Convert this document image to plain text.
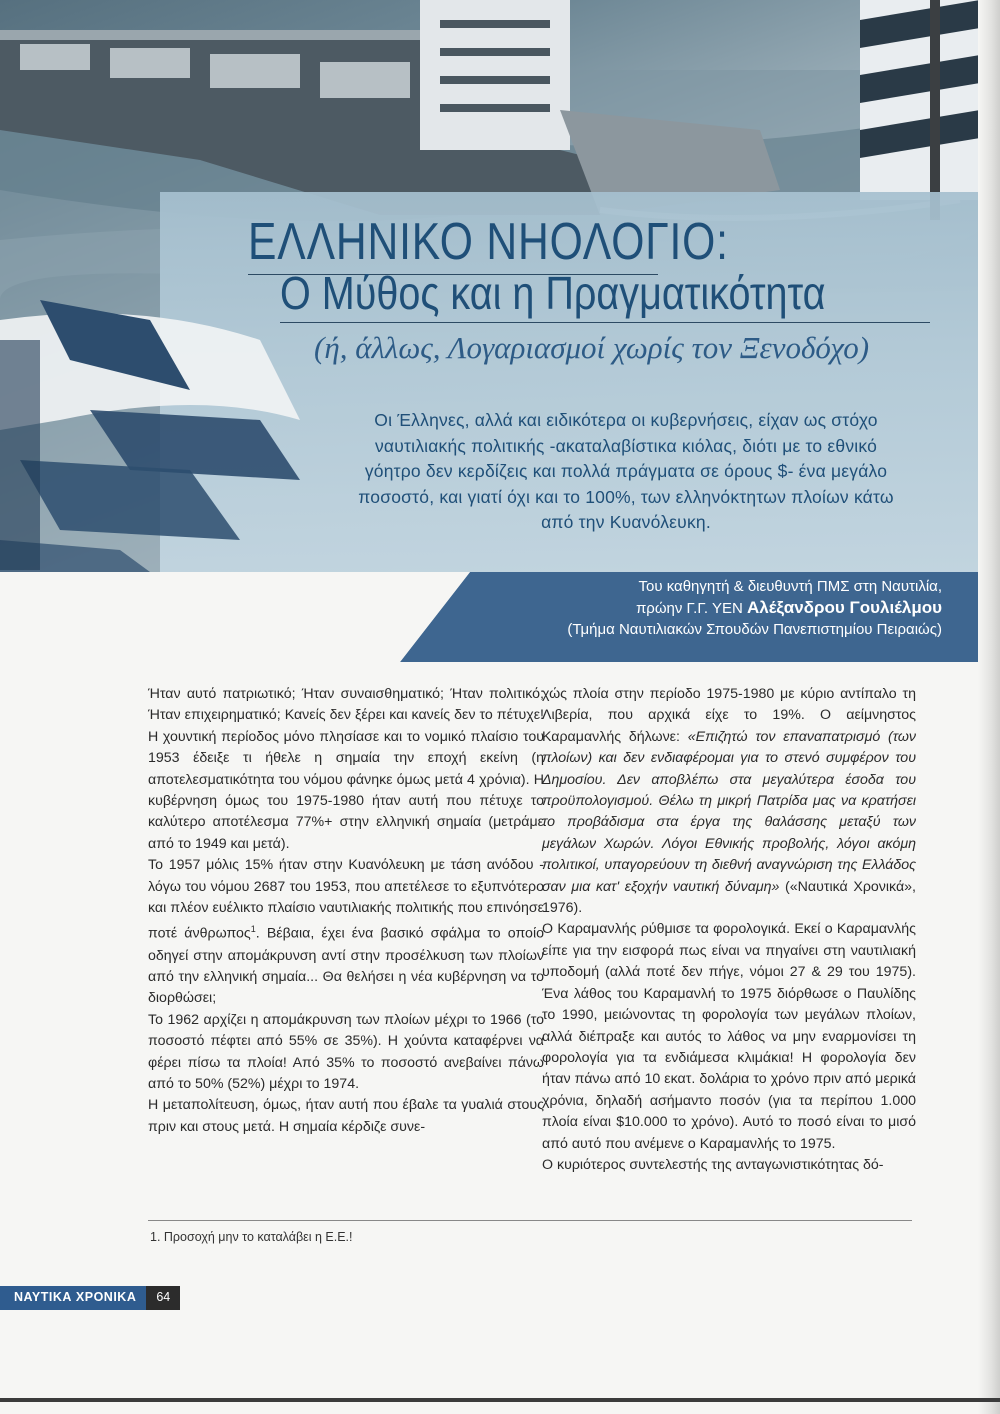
ΕΛΛΗΝΙΚΟ ΝΗΟΛΟΓΙΟ:
Ο Μύθος και η Πραγματικότητα
(ή, άλλως, Λογαριασμοί χωρίς τον Ξενοδόχο)
Οι Έλληνες, αλλά και ειδικότερα οι κυβερνήσεις, είχαν ως στόχο ναυτιλιακής πολιτικής -ακαταλαβίστικα κιόλας, διότι με το εθνικό γόητρο δεν κερδίζεις και πολλά πράγματα σε όρους $- ένα μεγάλο ποσοστό, και γιατί όχι και το 100%, των ελληνόκτητων πλοίων κάτω από την Κυανόλευκη.
Του καθηγητή & διευθυντή ΠΜΣ στη Ναυτιλία,
πρώην Γ.Γ. ΥΕΝ Αλέξανδρου Γουλιέλμου
(Τμήμα Ναυτιλιακών Σπουδών Πανεπιστημίου Πειραιώς)

Ήταν αυτό πατριωτικό; Ήταν συναισθηματικό; Ήταν πολιτικό; Ήταν επιχειρηματικό; Κανείς δεν ξέρει και κανείς δεν το πέτυχε! Η χουντική περίοδος μόνο πλησίασε και το νομικό πλαίσιο του 1953 έδειξε τι ήθελε η σημαία την εποχή εκείνη (η αποτελεσματικότητα του νόμου φάνηκε όμως μετά 4 χρόνια). Η κυβέρνηση όμως του 1975-1980 ήταν αυτή που πέτυχε το καλύτερο αποτέλεσμα 77%+ στην ελληνική σημαία (μετράμε από το 1949 και μετά).

Το 1957 μόλις 15% ήταν στην Κυανόλευκη με τάση ανόδου - λόγω του νόμου 2687 του 1953, που απετέλεσε το εξυπνότερο και πλέον ευέλικτο πλαίσιο ναυτιλιακής πολιτικής που επινόησε ποτέ άνθρωπος$^1$. Βέβαια, έχει ένα βασικό σφάλμα το οποίο οδηγεί στην απομάκρυνση αντί στην προσέλκυση των πλοίων από την ελληνική σημαία... Θα θελήσει η νέα κυβέρνηση να το διορθώσει;

Το 1962 αρχίζει η απομάκρυνση των πλοίων μέχρι το 1966 (το ποσοστό πέφτει από 55% σε 35%). Η χούντα καταφέρνει να φέρει πίσω τα πλοία! Από 35% το ποσοστό ανεβαίνει πάνω από το 50% (52%) μέχρι το 1974.

Η μεταπολίτευση, όμως, ήταν αυτή που έβαλε τα γυαλιά στους πριν και στους μετά. Η σημαία κέρδιζε συνε-

χώς πλοία στην περίοδο 1975-1980 με κύριο αντίπαλο τη Λιβερία, που αρχικά είχε το 19%. Ο αείμνηστος Καραμανλής δήλωνε: «Επιζητώ τον επαναπατρισμό (των πλοίων) και δεν ενδιαφέρομαι για το στενό συμφέρον του Δημοσίου. Δεν αποβλέπω στα μεγαλύτερα έσοδα του προϋπολογισμού. Θέλω τη μικρή Πατρίδα μας να κρατήσει το προβάδισμα στα έργα της θαλάσσης μεταξύ των μεγάλων Χωρών. Λόγοι Εθνικής προβολής, λόγοι ακόμη πολιτικοί, υπαγορεύουν τη διεθνή αναγνώριση της Ελλάδος σαν μια κατ' εξοχήν ναυτική δύναμη» («Ναυτικά Χρονικά», 1976).

Ο Καραμανλής ρύθμισε τα φορολογικά. Εκεί ο Καραμανλής είπε για την εισφορά πως είναι να πηγαίνει στη ναυτιλιακή υποδομή (αλλά ποτέ δεν πήγε, νόμοι 27 & 29 του 1975). Ένα λάθος του Καραμανλή το 1975 διόρθωσε ο Παυλίδης το 1990, μειώνοντας τη φορολογία των μεγάλων πλοίων, αλλά διέπραξε και αυτός το λάθος να μην εναρμονίσει τη φορολογία για τα ενδιάμεσα κλιμάκια! Η φορολογία δεν ήταν πάνω από 10 εκατ. δολάρια το χρόνο πριν από μερικά χρόνια, δηλαδή ασήμαντο ποσόν (για τα περίπου 1.000 πλοία είναι $10.000 το χρόνο). Αυτό το ποσό είναι το μισό από αυτό που ανέμενε ο Καραμανλής το 1975.

Ο κυριότερος συντελεστής της ανταγωνιστικότητας δό-

1. Προσοχή μην το καταλάβει η Ε.Ε.!
ΝΑΥΤΙΚΑ ΧΡΟΝΙΚΑ	64
